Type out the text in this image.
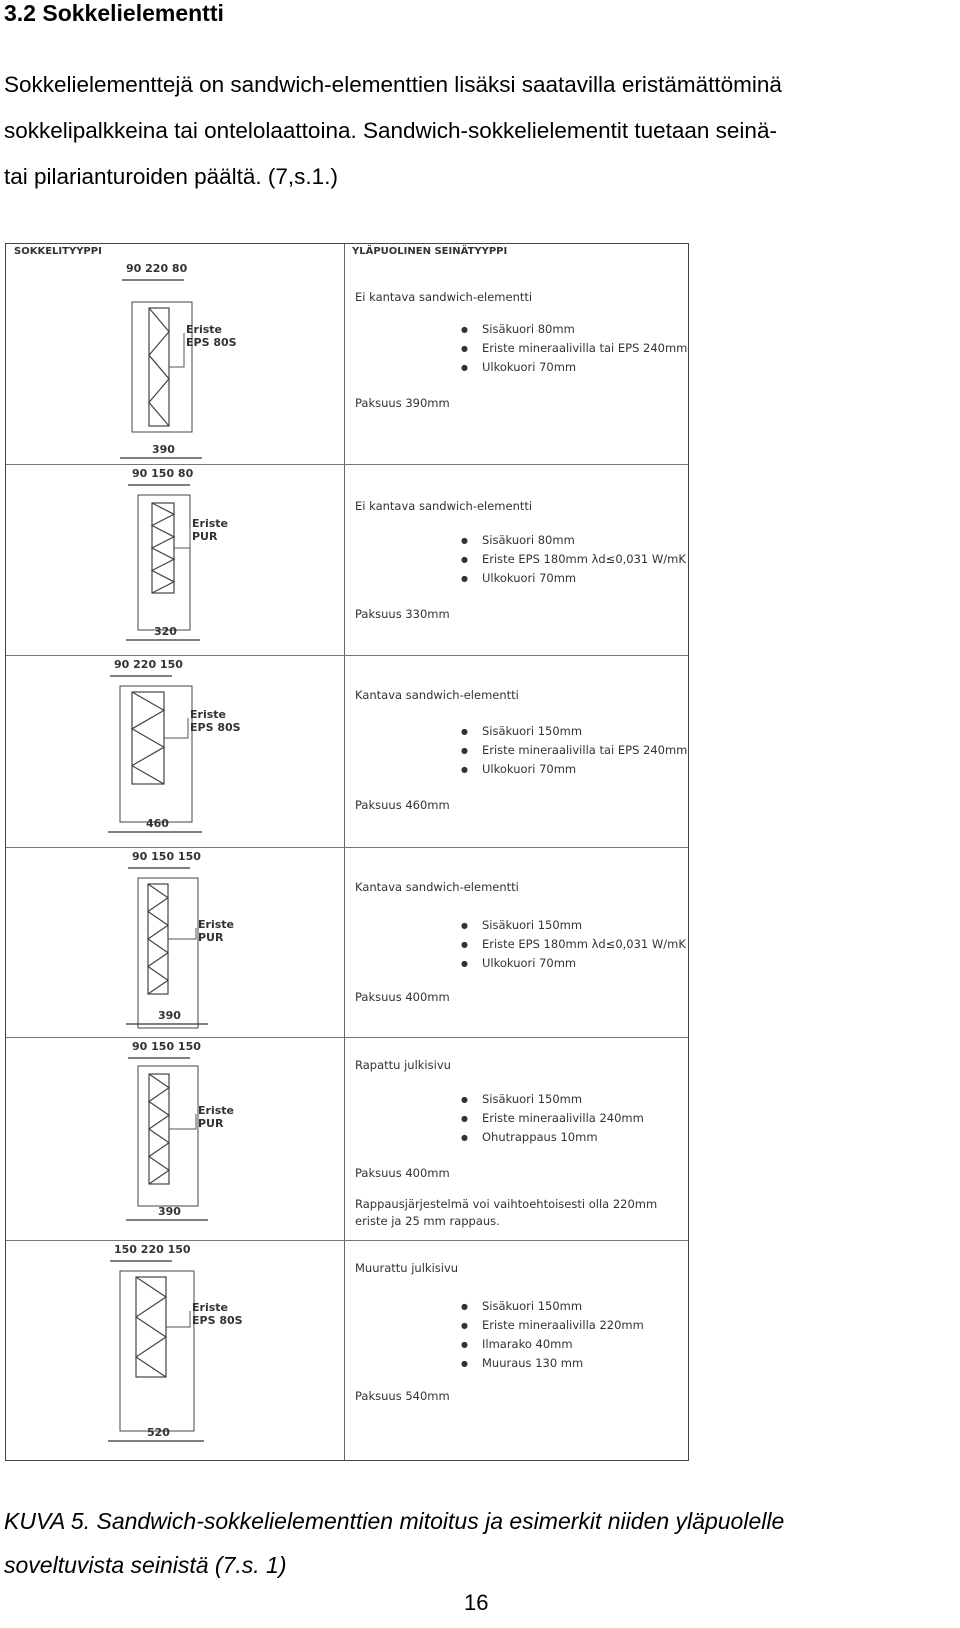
3.2 Sokkelielementti
Sokkelielementtejä on sandwich-elementtien lisäksi saatavilla eristämättöminä
sokkelipalkkeina tai ontelolaattoina. Sandwich-sokkelielementit tuetaan seinä-
tai pilarianturoiden päältä. (7,s.1.)
SOKKELITYYPPI	YLÄPUOLINEN SEINÄTYYPPI
90 220 80
Eriste
EPS 80S
390
Ei kantava sandwich-elementti
● Sisäkuori 80mm
● Eriste mineraalivilla tai EPS 240mm
● Ulkokuori 70mm
Paksuus 390mm
90 150 80
Eriste
PUR
320
Ei kantava sandwich-elementti
● Sisäkuori 80mm
● Eriste EPS 180mm λd≤0,031 W/mK
● Ulkokuori 70mm
Paksuus 330mm
90 220 150
Eriste
EPS 80S
460
Kantava sandwich-elementti
● Sisäkuori 150mm
● Eriste mineraalivilla tai EPS 240mm
● Ulkokuori 70mm
Paksuus 460mm
90 150 150
Eriste
PUR
390
Kantava sandwich-elementti
● Sisäkuori 150mm
● Eriste EPS 180mm λd≤0,031 W/mK
● Ulkokuori 70mm
Paksuus 400mm
90 150 150
Eriste
PUR
390
Rapattu julkisivu
● Sisäkuori 150mm
● Eriste mineraalivilla 240mm
● Ohutrappaus 10mm
Paksuus 400mm
Rappausjärjestelmä voi vaihtoehtoisesti olla 220mm eriste ja 25 mm rappaus.
150 220 150
Eriste
EPS 80S
520
Muurattu julkisivu
● Sisäkuori 150mm
● Eriste mineraalivilla 220mm
● Ilmarako 40mm
● Muuraus 130 mm
Paksuus 540mm
KUVA 5. Sandwich-sokkelielementtien mitoitus ja esimerkit niiden yläpuolelle
soveltuvista seinistä (7.s. 1)
16
